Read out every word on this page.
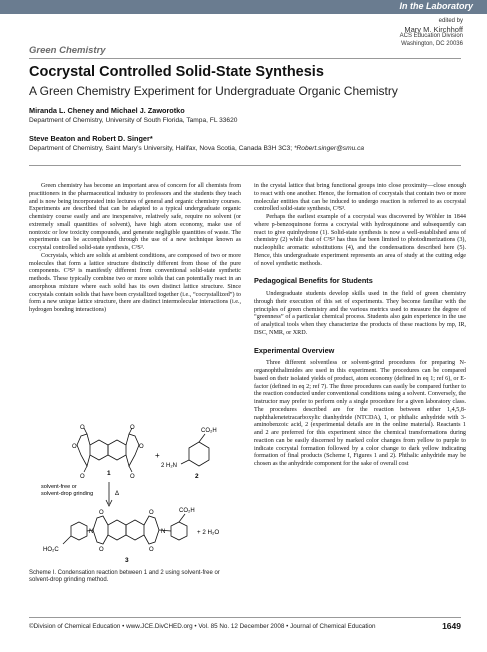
In the Laboratory
edited by
Mary M. Kirchhoff
ACS Education Division
Washington, DC 20036
Green Chemistry
Cocrystal Controlled Solid-State Synthesis
A Green Chemistry Experiment for Undergraduate Organic Chemistry
Miranda L. Cheney and Michael J. Zaworotko
Department of Chemistry, University of South Florida, Tampa, FL 33620
Steve Beaton and Robert D. Singer*
Department of Chemistry, Saint Mary’s University, Halifax, Nova Scotia, Canada B3H 3C3; *Robert.singer@smu.ca

Green chemistry has become an important area of concern for all chemists from practitioners in the pharmaceutical industry to professors and the students they teach and is now being incorporated into lectures of general and organic chemistry courses. Experiments are described that can be adapted to a typical undergraduate organic chemistry course easily and are inexpensive, relatively safe, require no solvent (or extremely small quantities of solvent), have high atom economy, make use of nontoxic or low toxicity compounds, and generate negligible quantities of waste. The experiments can be accomplished through the use of a new technique known as cocrystal controlled solid-state synthesis, C³S³.

Cocrystals, which are solids at ambient conditions, are composed of two or more molecules that form a lattice structure distinctly different from those of the pure components. C³S³ is manifestly different from conventional solid-state synthetic methods. These typically combine two or more solids that can potentially react in an amorphous mixture where each solid has its own distinct lattice structure. Since cocrystals contain solids that have been crystallized together (i.e., “cocrystallized”) to form a new unique lattice structure, there are distinct intermolecular interactions (i.e., hydrogen bonding interactions)

O	O
O	O
O	O
1
+
CO₂H
2 H₂N
2
solvent-free or
solvent-drop grinding	Δ
CO₂H
HO₂C
N	N
O	O
O	O
+ 2 H₂O
3
Scheme I. Condensation reaction between 1 and 2 using solvent-free or solvent-drop grinding method.

in the crystal lattice that bring functional groups into close proximity—close enough to react with one another. Hence, the formation of cocrystals that contain two or more molecular entities that can be induced to undergo reaction is referred to as cocrystal controlled solid-state synthesis, C³S³.

Perhaps the earliest example of a cocrystal was discovered by Wöhler in 1844 where p-benzoquinone forms a cocrystal with hydroquinone and subsequently can react to give quinhydrone (1). Solid-state synthesis is now a well-established area of chemistry (2) while that of C³S³ has thus far been limited to photodimerizations (3), nucleophilic aromatic substitutions (4), and the condensations described here (5). Hence, this undergraduate experiment represents an area of study at the cutting edge of novel synthetic methods.

Pedagogical Benefits for Students

Undergraduate students develop skills used in the field of green chemistry through their execution of this set of experiments. They become familiar with the principles of green chemistry and the various metrics used to measure the degree of “greenness” of a particular chemical process. Students also gain experience in the use of analytical tools when they characterize the products of these reactions by mp, IR, DSC, NMR, or XRD.

Experimental Overview

Three different solventless or solvent-grind procedures for preparing N-organophthalimides are used in this experiment. The procedures can be compared based on their isolated yields of product, atom economy (defined in eq 1; ref 6), or E-factor (defined in eq 2; ref 7). The three procedures can easily be compared further to the reaction conducted under conventional conditions using a solvent. Conversely, the instructor may prefer to perform only a single procedure for a given laboratory class. The procedures described are for the reaction between either 1,4,5,8-naphthalenetetracarboxylic dianhydride (NTCDA), 1, or phthalic anhydride with 3-aminobenzoic acid, 2 (experimental details are in the online material). Reactants 1 and 2 are preferred for this experiment since the chemical transformations during reaction can be easily discerned by marked color changes from yellow to purple to indicate cocrystal formation followed by a color change to dark yellow indicating formation of final products (Scheme I, Figures 1 and 2). Phthalic anhydride may be chosen as the anhydride component for the sake of overall cost

©Division of Chemical Education • www.JCE.DivCHED.org • Vol. 85 No. 12 December 2008 • Journal of Chemical Education	1649
